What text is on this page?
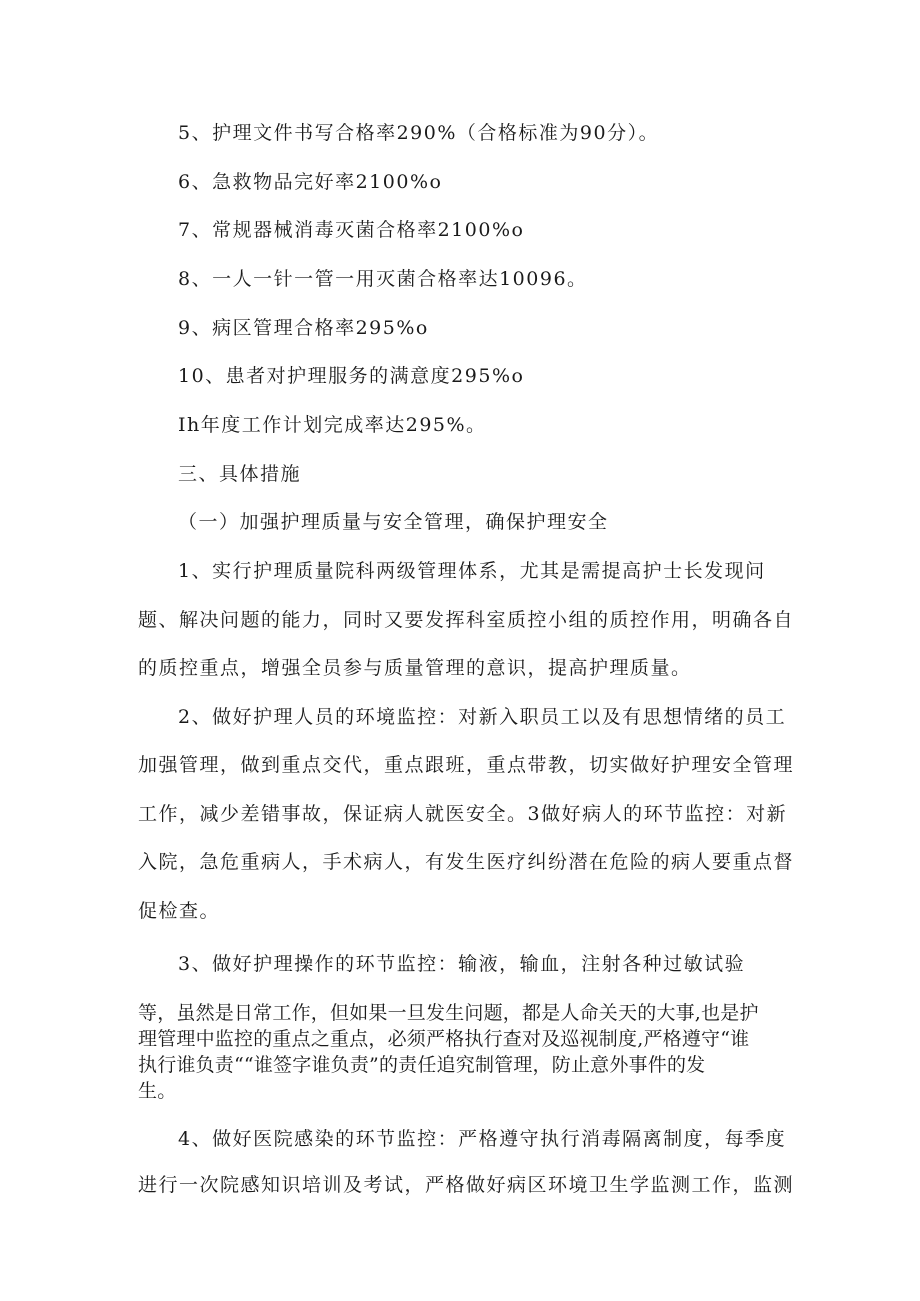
5、护理文件书写合格率290%（合格标准为90分）。
6、急救物品完好率2100%o
7、常规器械消毒灭菌合格率2100%o
8、一人一针一管一用灭菌合格率达10096。
9、病区管理合格率295%o
10、患者对护理服务的满意度295%o
Ih年度工作计划完成率达295%。
三、具体措施
（一）加强护理质量与安全管理，确保护理安全
1、实行护理质量院科两级管理体系，尤其是需提高护士长发现问
题、解决问题的能力，同时又要发挥科室质控小组的质控作用，明确各自
的质控重点，增强全员参与质量管理的意识，提高护理质量。
2、做好护理人员的环境监控：对新入职员工以及有思想情绪的员工
加强管理，做到重点交代，重点跟班，重点带教，切实做好护理安全管理
工作，减少差错事故，保证病人就医安全。3做好病人的环节监控：对新
入院，急危重病人，手术病人，有发生医疗纠纷潜在危险的病人要重点督
促检查。
3、做好护理操作的环节监控：输液，输血，注射各种过敏试验
等，虽然是日常工作，但如果一旦发生问题，都是人命关天的大事,也是护
理管理中监控的重点之重点，必须严格执行查对及巡视制度,严格遵守“谁
执行谁负责““谁签字谁负责”的责任追究制管理，防止意外事件的发
生。
4、做好医院感染的环节监控：严格遵守执行消毒隔离制度，每季度
进行一次院感知识培训及考试，严格做好病区环境卫生学监测工作，监测
